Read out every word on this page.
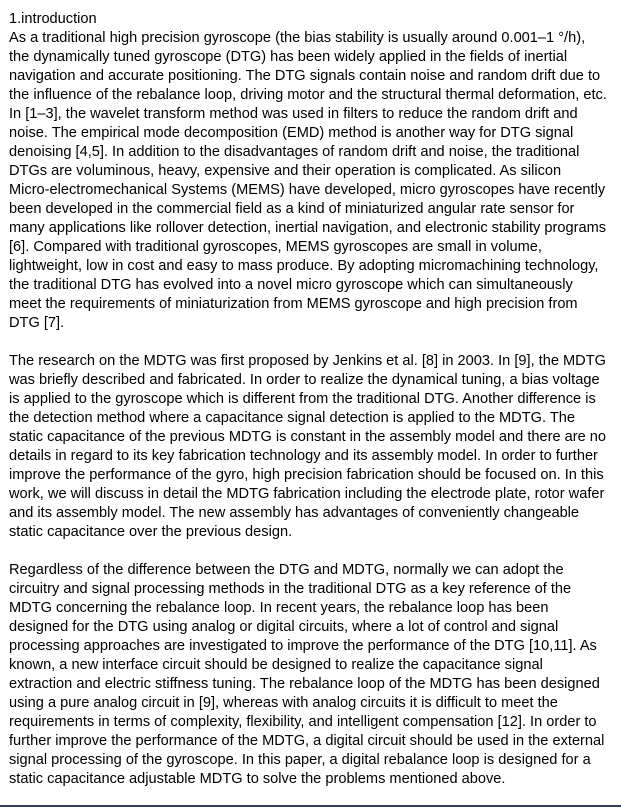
1.introduction
As a traditional high precision gyroscope (the bias stability is usually around 0.001–1 °/h),
the dynamically tuned gyroscope (DTG) has been widely applied in the fields of inertial
navigation and accurate positioning. The DTG signals contain noise and random drift due to
the influence of the rebalance loop, driving motor and the structural thermal deformation, etc.
In [1–3], the wavelet transform method was used in filters to reduce the random drift and
noise. The empirical mode decomposition (EMD) method is another way for DTG signal
denoising [4,5]. In addition to the disadvantages of random drift and noise, the traditional
DTGs are voluminous, heavy, expensive and their operation is complicated. As silicon
Micro-electromechanical Systems (MEMS) have developed, micro gyroscopes have recently
been developed in the commercial field as a kind of miniaturized angular rate sensor for
many applications like rollover detection, inertial navigation, and electronic stability programs
[6]. Compared with traditional gyroscopes, MEMS gyroscopes are small in volume,
lightweight, low in cost and easy to mass produce. By adopting micromachining technology,
the traditional DTG has evolved into a novel micro gyroscope which can simultaneously
meet the requirements of miniaturization from MEMS gyroscope and high precision from
DTG [7].
The research on the MDTG was first proposed by Jenkins et al. [8] in 2003. In [9], the MDTG
was briefly described and fabricated. In order to realize the dynamical tuning, a bias voltage
is applied to the gyroscope which is different from the traditional DTG. Another difference is
the detection method where a capacitance signal detection is applied to the MDTG. The
static capacitance of the previous MDTG is constant in the assembly model and there are no
details in regard to its key fabrication technology and its assembly model. In order to further
improve the performance of the gyro, high precision fabrication should be focused on. In this
work, we will discuss in detail the MDTG fabrication including the electrode plate, rotor wafer
and its assembly model. The new assembly has advantages of conveniently changeable
static capacitance over the previous design.
Regardless of the difference between the DTG and MDTG, normally we can adopt the
circuitry and signal processing methods in the traditional DTG as a key reference of the
MDTG concerning the rebalance loop. In recent years, the rebalance loop has been
designed for the DTG using analog or digital circuits, where a lot of control and signal
processing approaches are investigated to improve the performance of the DTG [10,11]. As
known, a new interface circuit should be designed to realize the capacitance signal
extraction and electric stiffness tuning. The rebalance loop of the MDTG has been designed
using a pure analog circuit in [9], whereas with analog circuits it is difficult to meet the
requirements in terms of complexity, flexibility, and intelligent compensation [12]. In order to
further improve the performance of the MDTG, a digital circuit should be used in the external
signal processing of the gyroscope. In this paper, a digital rebalance loop is designed for a
static capacitance adjustable MDTG to solve the problems mentioned above.
